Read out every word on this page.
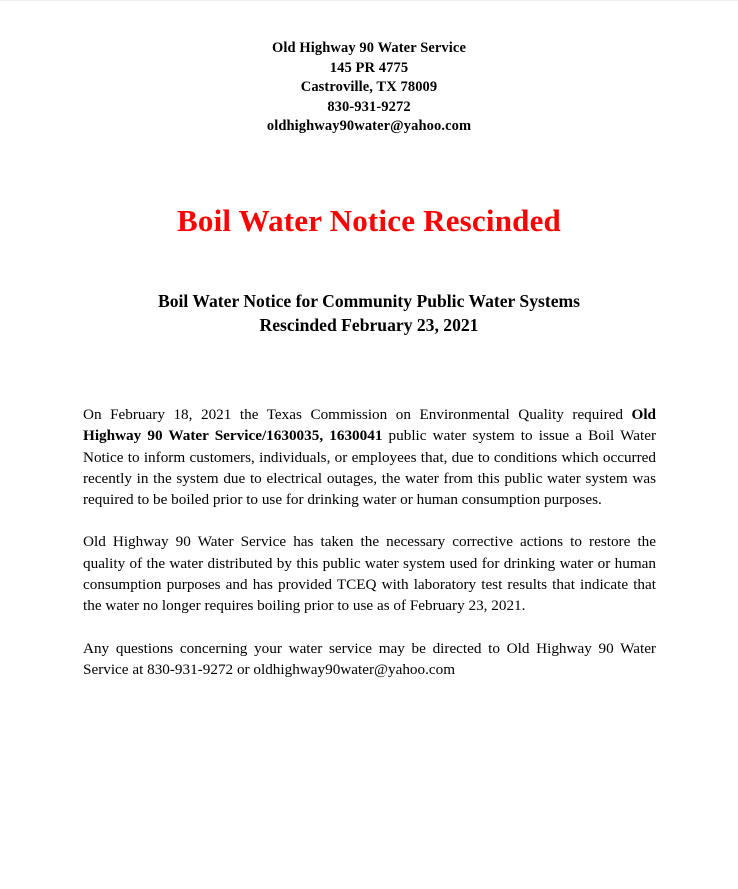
Old Highway 90 Water Service
145 PR 4775
Castroville, TX 78009
830-931-9272
oldhighway90water@yahoo.com
Boil Water Notice Rescinded
Boil Water Notice for Community Public Water Systems
Rescinded February 23, 2021

On February 18, 2021 the Texas Commission on Environmental Quality required Old Highway 90 Water Service/1630035, 1630041 public water system to issue a Boil Water Notice to inform customers, individuals, or employees that, due to conditions which occurred recently in the system due to electrical outages, the water from this public water system was required to be boiled prior to use for drinking water or human consumption purposes.

Old Highway 90 Water Service has taken the necessary corrective actions to restore the quality of the water distributed by this public water system used for drinking water or human consumption purposes and has provided TCEQ with laboratory test results that indicate that the water no longer requires boiling prior to use as of February 23, 2021.

Any questions concerning your water service may be directed to Old Highway 90 Water Service at 830-931-9272 or oldhighway90water@yahoo.com
